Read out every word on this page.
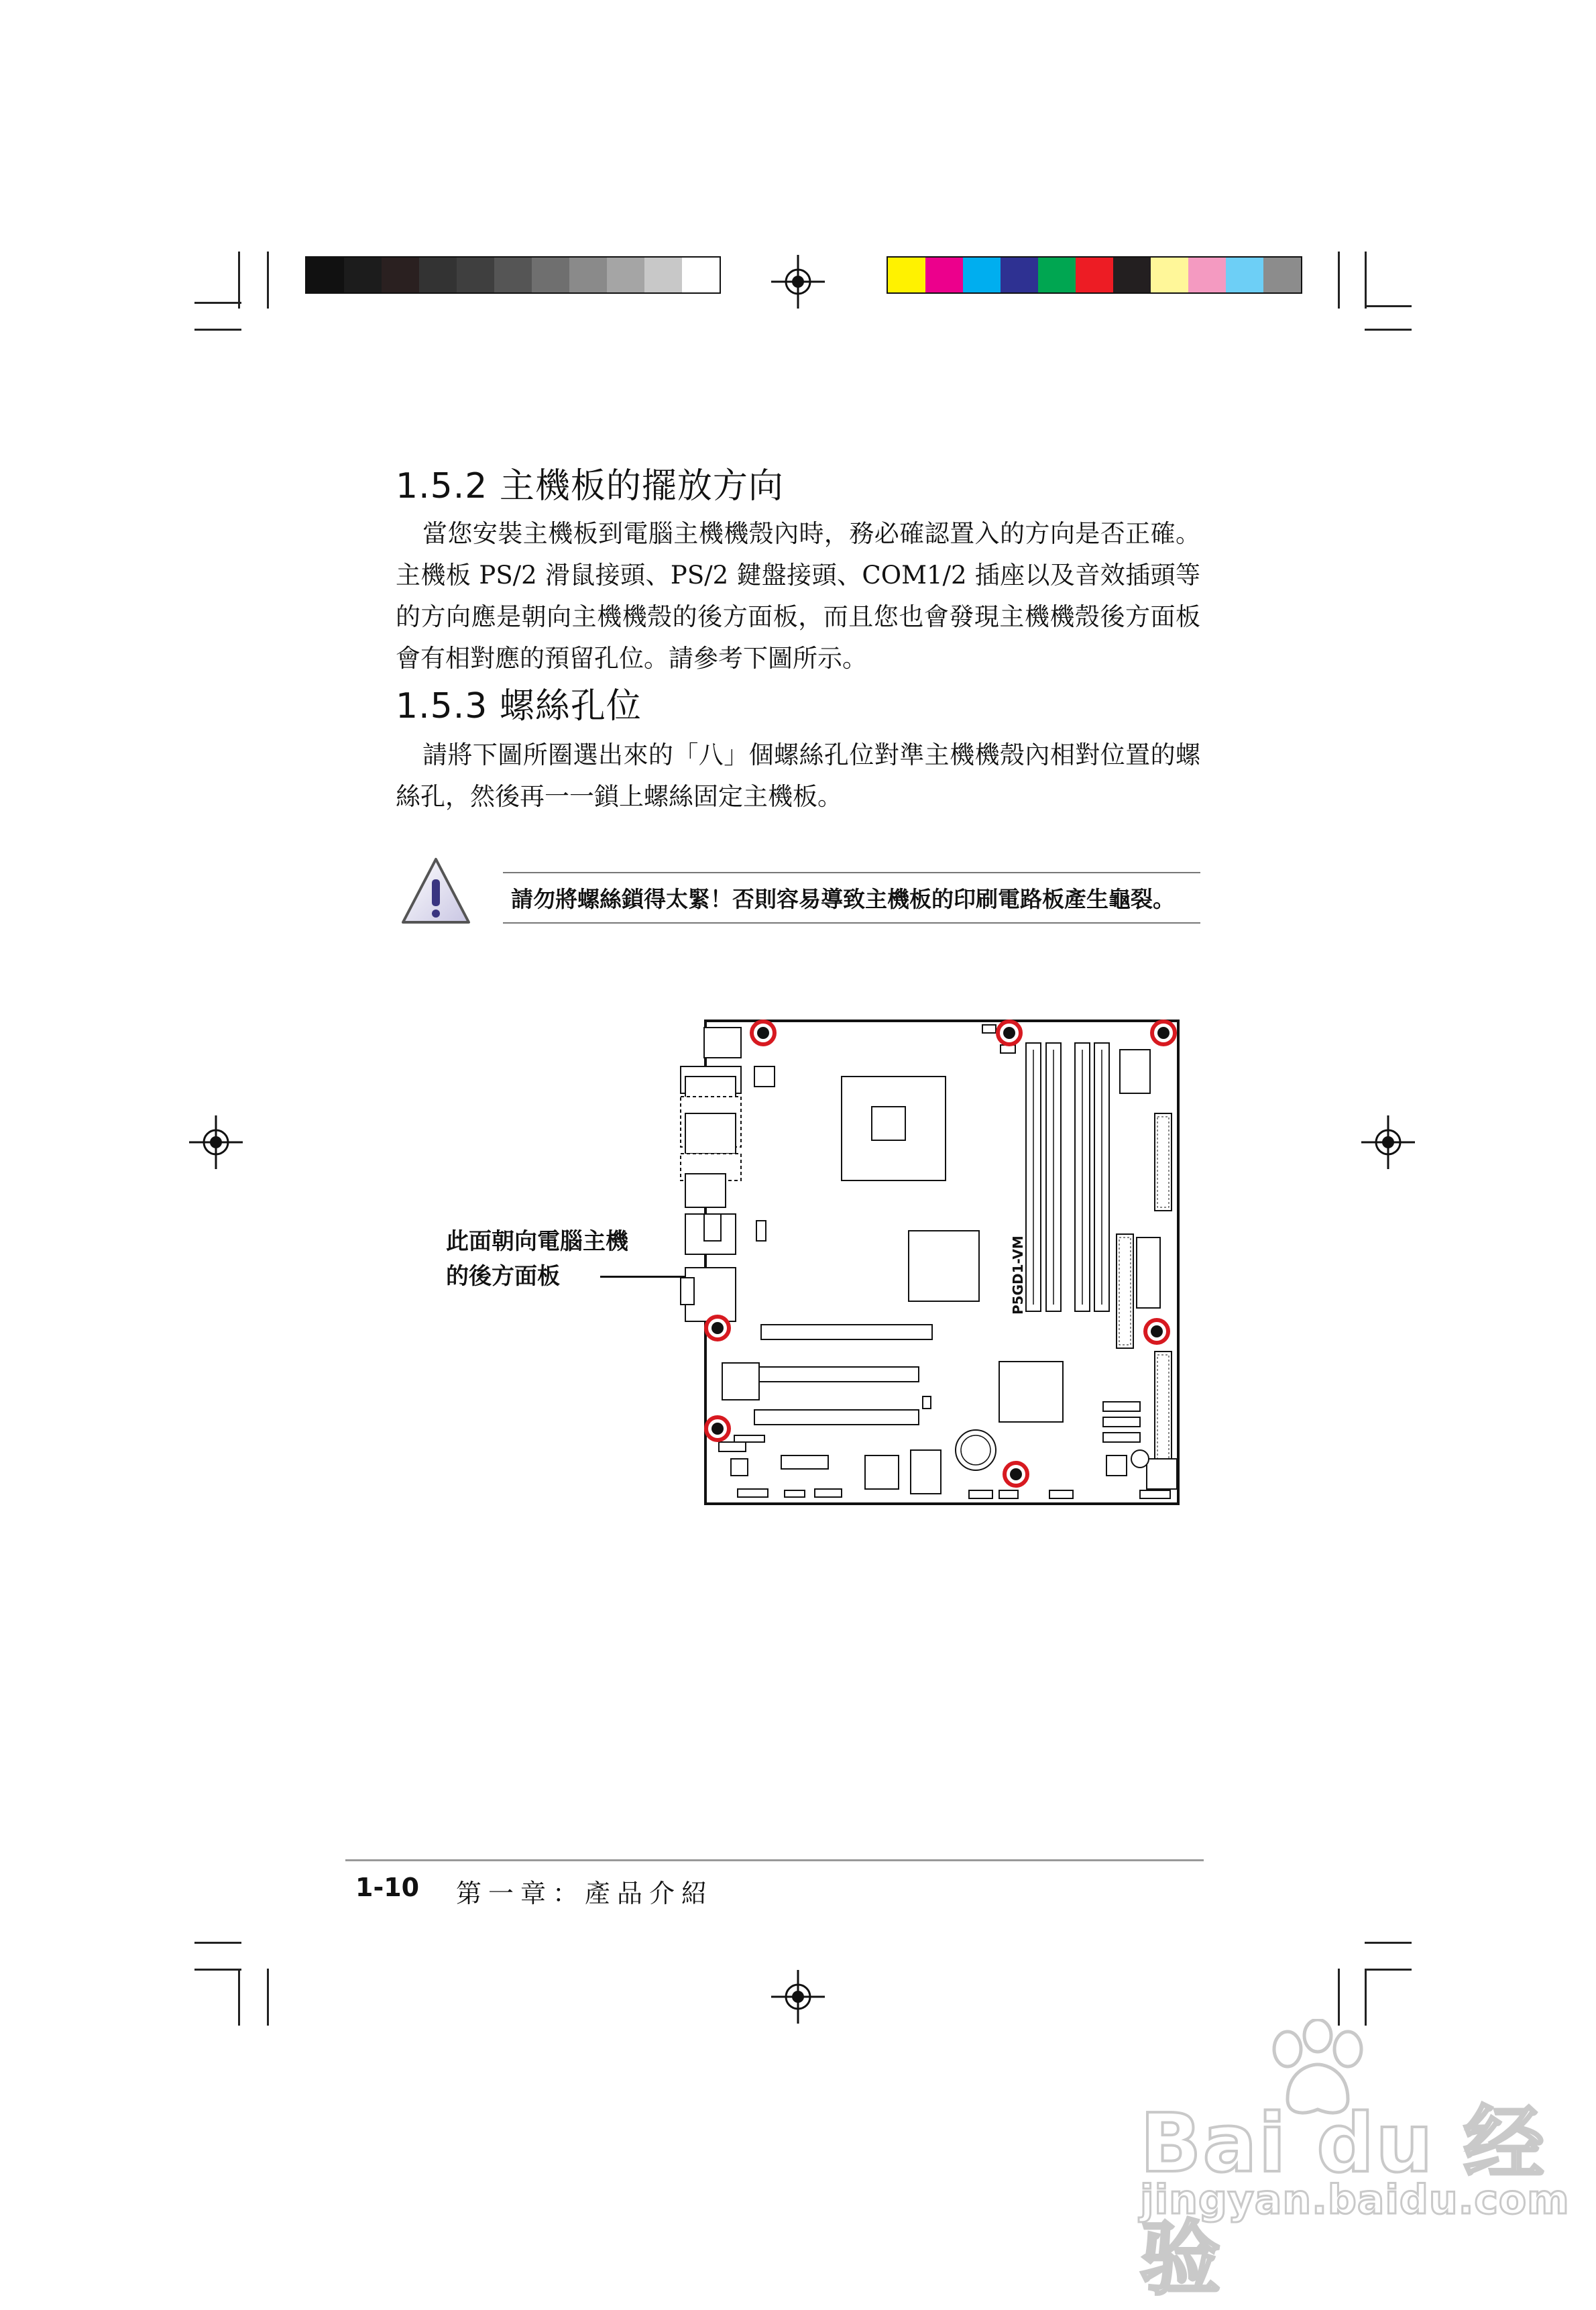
1.5.2 主機板的擺放方向

當您安裝主機板到電腦主機機殼內時，務必確認置入的方向是否正確。主機板 PS/2 滑鼠接頭、PS/2 鍵盤接頭、COM1/2 插座以及音效插頭等的方向應是朝向主機機殼的後方面板，而且您也會發現主機機殼後方面板會有相對應的預留孔位。請參考下圖所示。

1.5.3 螺絲孔位

請將下圖所圈選出來的「八」個螺絲孔位對準主機機殼內相對位置的螺絲孔，然後再一一鎖上螺絲固定主機板。

請勿將螺絲鎖得太緊！否則容易導致主機板的印刷電路板產生龜裂。
此面朝向電腦主機
的後方面板	P5GD1-VM
1-10 第一章：產品介紹
Bai du 经验
jingyan.baidu.com
